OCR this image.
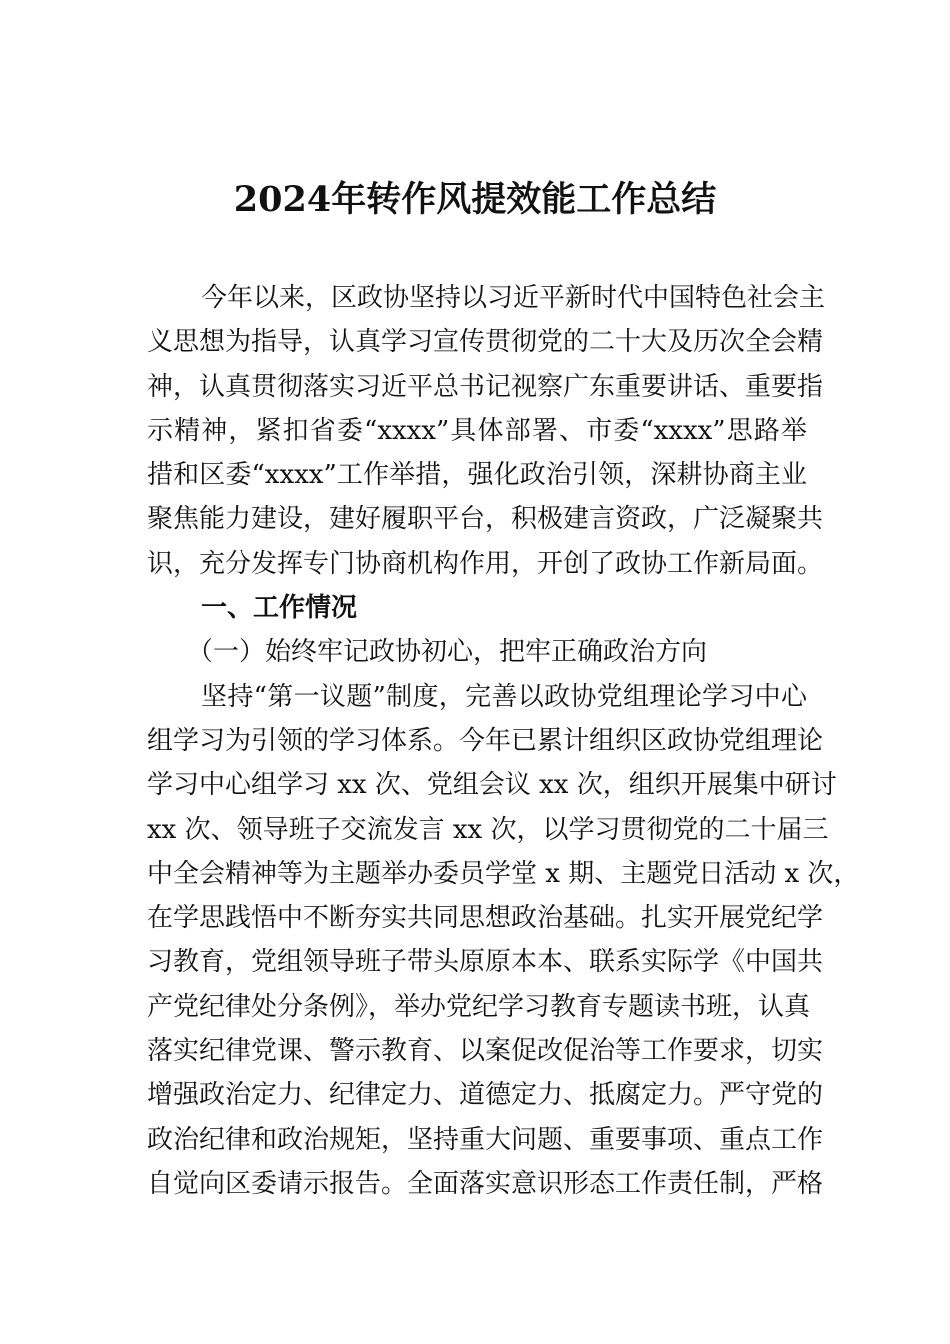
2024年转作风提效能工作总结
今年以来，区政协坚持以习近平新时代中国特色社会主
义思想为指导，认真学习宣传贯彻党的二十大及历次全会精
神，认真贯彻落实习近平总书记视察广东重要讲话、重要指
示精神，紧扣省委“xxxx”具体部署、市委“xxxx”思路举
措和区委“xxxx”工作举措，强化政治引领，深耕协商主业
聚焦能力建设，建好履职平台，积极建言资政，广泛凝聚共
识，充分发挥专门协商机构作用，开创了政协工作新局面。
一、工作情况
（一）始终牢记政协初心，把牢正确政治方向
坚持“第一议题”制度，完善以政协党组理论学习中心
组学习为引领的学习体系。今年已累计组织区政协党组理论
学习中心组学习 xx 次、党组会议 xx 次，组织开展集中研讨
xx 次、领导班子交流发言 xx 次，以学习贯彻党的二十届三
中全会精神等为主题举办委员学堂 x 期、主题党日活动 x 次，
在学思践悟中不断夯实共同思想政治基础。扎实开展党纪学
习教育，党组领导班子带头原原本本、联系实际学《中国共
产党纪律处分条例》，举办党纪学习教育专题读书班，认真
落实纪律党课、警示教育、以案促改促治等工作要求，切实
增强政治定力、纪律定力、道德定力、抵腐定力。严守党的
政治纪律和政治规矩，坚持重大问题、重要事项、重点工作
自觉向区委请示报告。全面落实意识形态工作责任制，严格
